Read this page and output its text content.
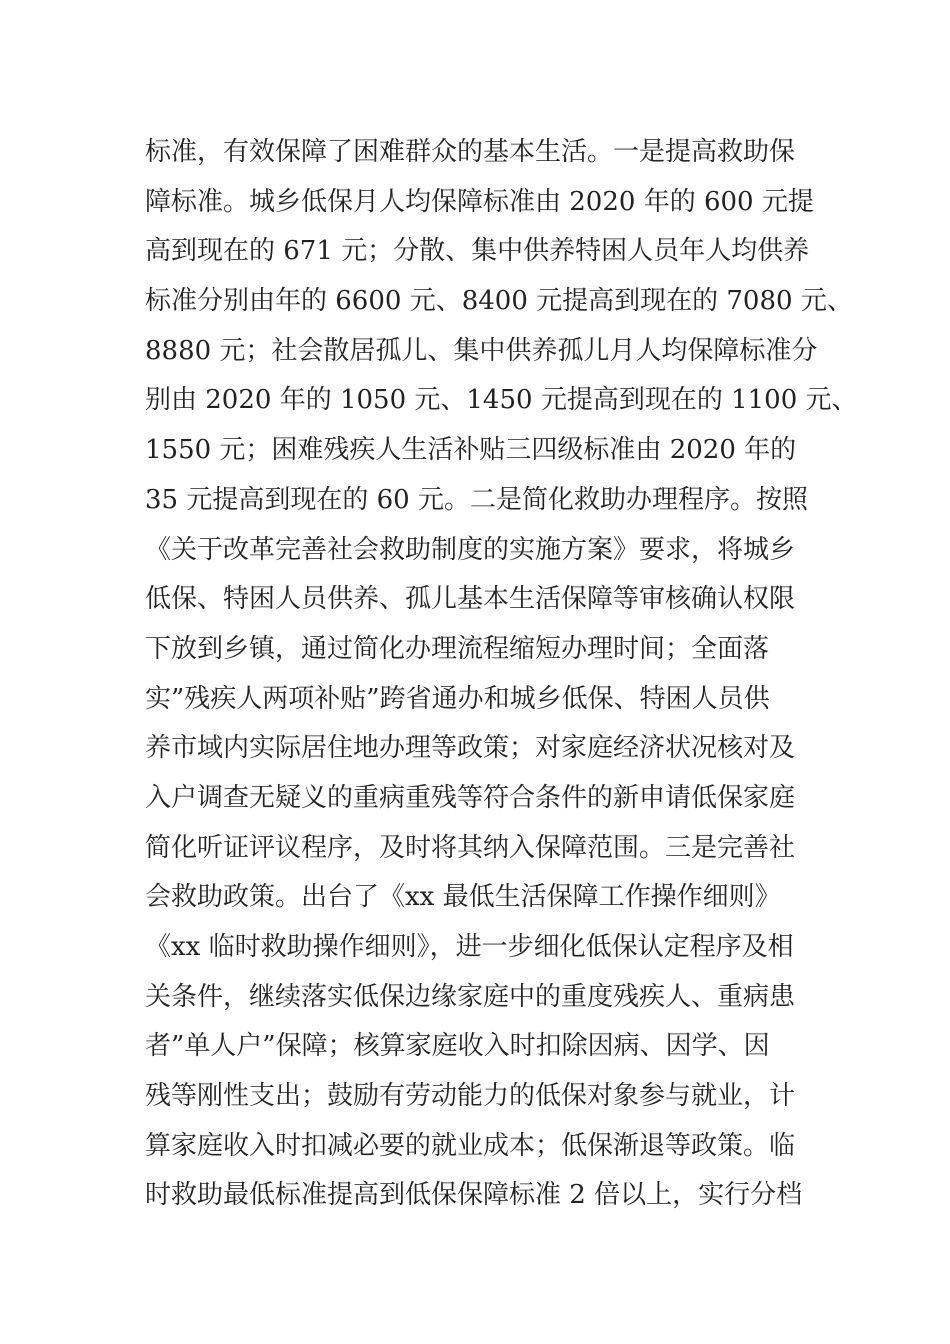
标准，有效保障了困难群众的基本生活。一是提高救助保
障标准。城乡低保月人均保障标准由 2020 年的 600 元提
高到现在的 671 元；分散、集中供养特困人员年人均供养
标准分别由年的 6600 元、8400 元提高到现在的 7080 元、
8880 元；社会散居孤儿、集中供养孤儿月人均保障标准分
别由 2020 年的 1050 元、1450 元提高到现在的 1100 元、
1550 元；困难残疾人生活补贴三四级标准由 2020 年的
35 元提高到现在的 60 元。二是简化救助办理程序。按照
《关于改革完善社会救助制度的实施方案》要求，将城乡
低保、特困人员供养、孤儿基本生活保障等审核确认权限
下放到乡镇，通过简化办理流程缩短办理时间；全面落
实”残疾人两项补贴”跨省通办和城乡低保、特困人员供
养市域内实际居住地办理等政策；对家庭经济状况核对及
入户调查无疑义的重病重残等符合条件的新申请低保家庭
简化听证评议程序，及时将其纳入保障范围。三是完善社
会救助政策。出台了《xx 最低生活保障工作操作细则》
《xx 临时救助操作细则》，进一步细化低保认定程序及相
关条件，继续落实低保边缘家庭中的重度残疾人、重病患
者”单人户”保障；核算家庭收入时扣除因病、因学、因
残等刚性支出；鼓励有劳动能力的低保对象参与就业，计
算家庭收入时扣减必要的就业成本；低保渐退等政策。临
时救助最低标准提高到低保保障标准 2 倍以上，实行分档
